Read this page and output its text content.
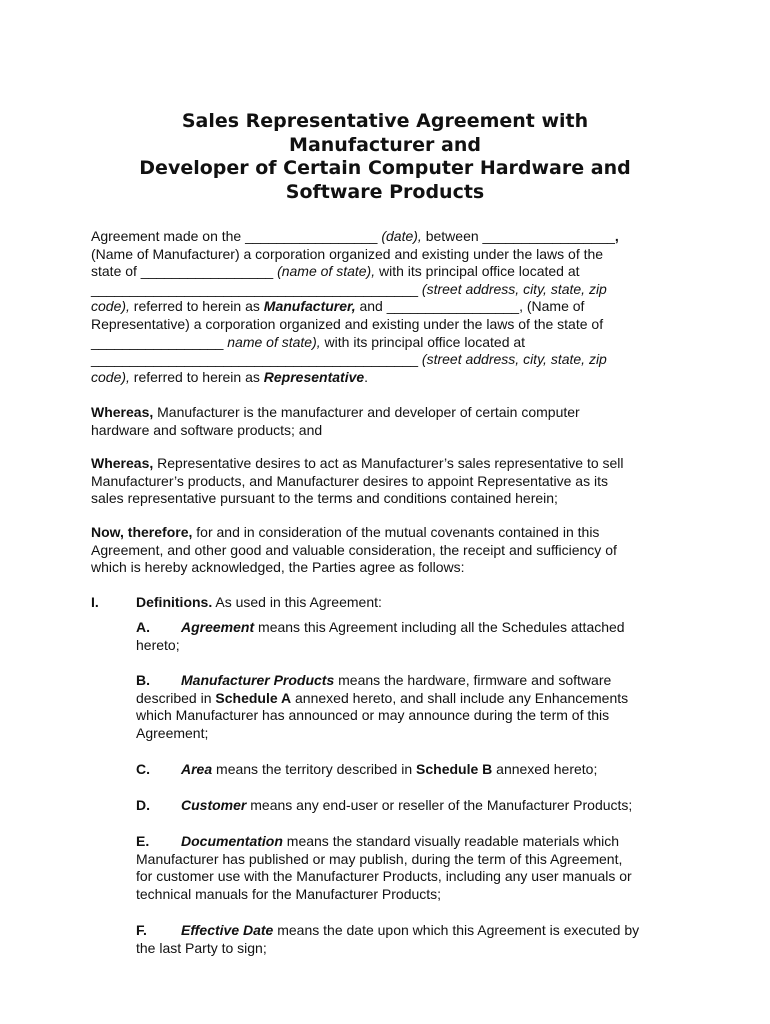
Sales Representative Agreement with
Manufacturer and
Developer of Certain Computer Hardware and
Software Products
Agreement made on the _________________ (date), between _________________,
(Name of Manufacturer) a corporation organized and existing under the laws of the
state of _________________ (name of state), with its principal office located at
__________________________________________ (street address, city, state, zip
code), referred to herein as Manufacturer, and _________________, (Name of
Representative) a corporation organized and existing under the laws of the state of
_________________ name of state), with its principal office located at
__________________________________________ (street address, city, state, zip
code), referred to herein as Representative.
Whereas, Manufacturer is the manufacturer and developer of certain computer
hardware and software products; and
Whereas, Representative desires to act as Manufacturer’s sales representative to sell
Manufacturer’s products, and Manufacturer desires to appoint Representative as its
sales representative pursuant to the terms and conditions contained herein;
Now, therefore, for and in consideration of the mutual covenants contained in this
Agreement, and other good and valuable consideration, the receipt and sufficiency of
which is hereby acknowledged, the Parties agree as follows:
I.	Definitions. As used in this Agreement:
A. Agreement means this Agreement including all the Schedules attached
hereto;
B. Manufacturer Products means the hardware, firmware and software
described in Schedule A annexed hereto, and shall include any Enhancements
which Manufacturer has announced or may announce during the term of this
Agreement;
C. Area means the territory described in Schedule B annexed hereto;
D. Customer means any end-user or reseller of the Manufacturer Products;
E. Documentation means the standard visually readable materials which
Manufacturer has published or may publish, during the term of this Agreement,
for customer use with the Manufacturer Products, including any user manuals or
technical manuals for the Manufacturer Products;
F. Effective Date means the date upon which this Agreement is executed by
the last Party to sign;
